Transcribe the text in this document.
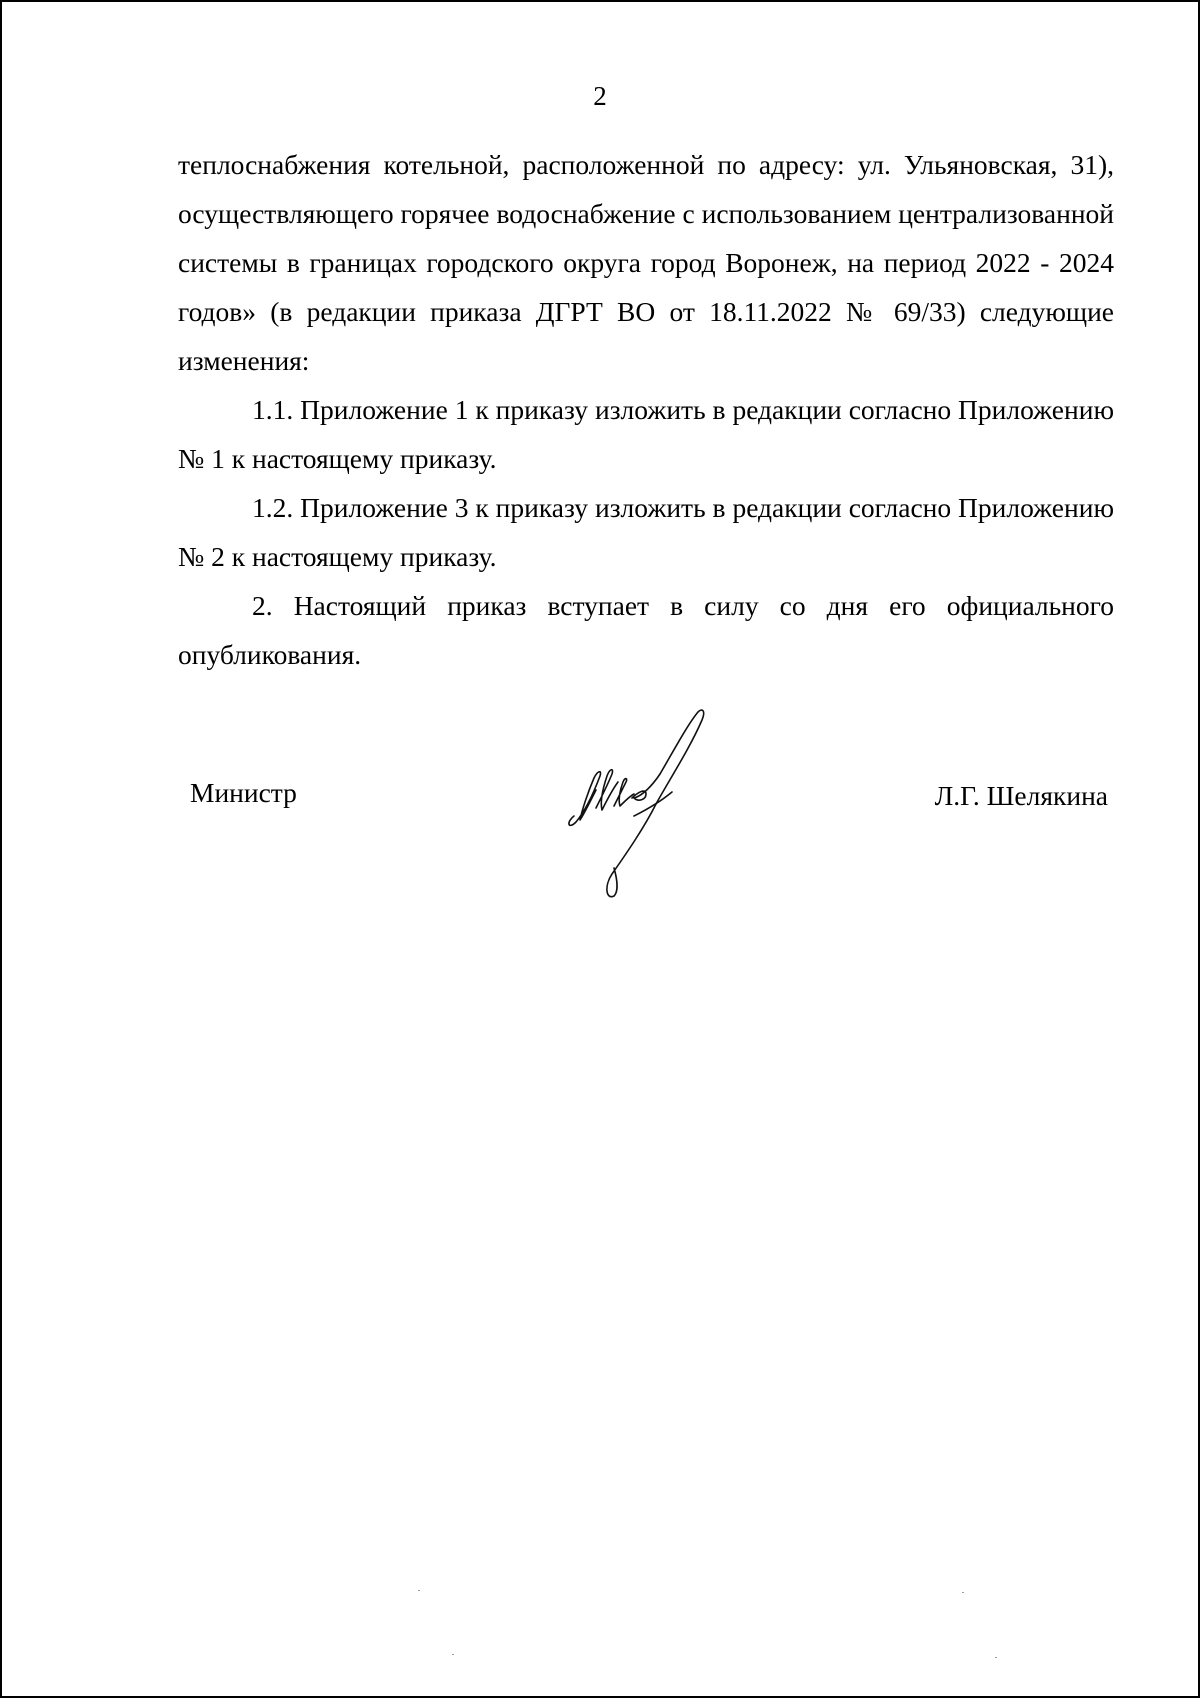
2

теплоснабжения котельной, расположенной по адресу: ул. Ульяновская, 31), осуществляющего горячее водоснабжение с использованием централизованной системы в границах городского округа город Воронеж, на период 2022 - 2024 годов» (в редакции приказа ДГРТ ВО от 18.11.2022 № 69/33) следующие изменения:

1.1. Приложение 1 к приказу изложить в редакции согласно Приложению № 1 к настоящему приказу.

1.2. Приложение 3 к приказу изложить в редакции согласно Приложению № 2 к настоящему приказу.

2. Настоящий приказ вступает в силу со дня его официального опубликования.

Министр	Л.Г. Шелякина
